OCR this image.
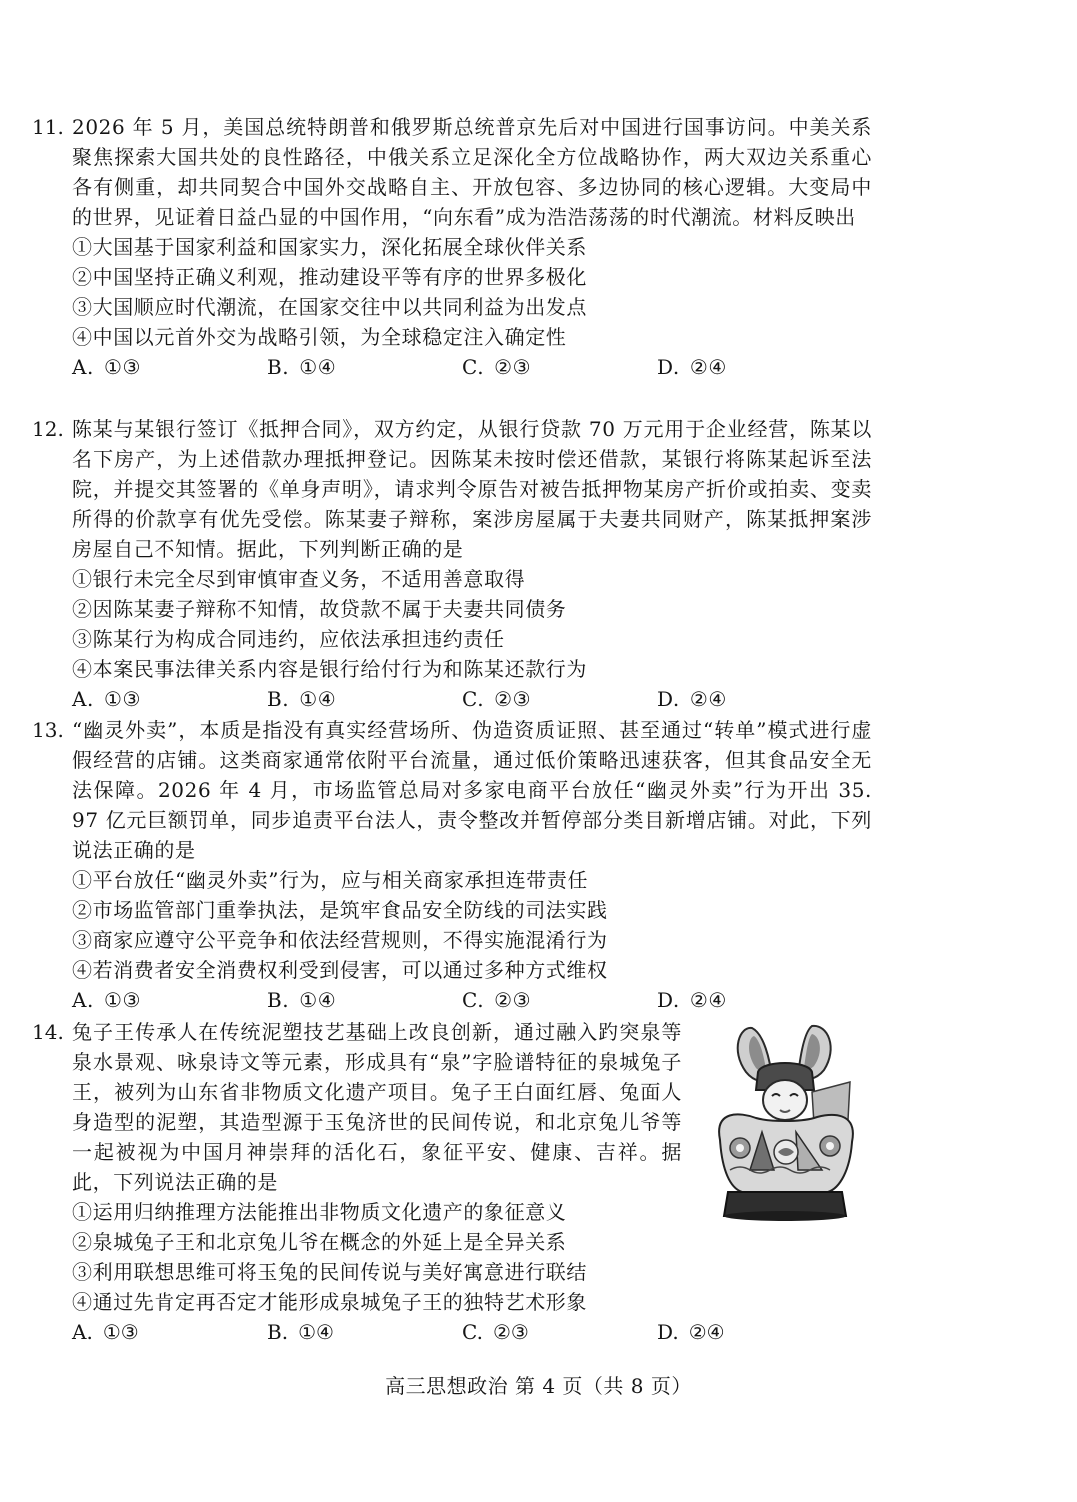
11. 2026 年 5 月，美国总统特朗普和俄罗斯总统普京先后对中国进行国事访问。中美关系聚焦探索大国共处的良性路径，中俄关系立足深化全方位战略协作，两大双边关系重心各有侧重，却共同契合中国外交战略自主、开放包容、多边协同的核心逻辑。大变局中的世界，见证着日益凸显的中国作用，“向东看”成为浩浩荡荡的时代潮流。材料反映出

①大国基于国家利益和国家实力，深化拓展全球伙伴关系

②中国坚持正确义利观，推动建设平等有序的世界多极化

③大国顺应时代潮流，在国家交往中以共同利益为出发点

④中国以元首外交为战略引领，为全球稳定注入确定性

A. ①③	B. ①④	C. ②③	D. ②④
12. 陈某与某银行签订《抵押合同》，双方约定，从银行贷款 70 万元用于企业经营，陈某以名下房产，为上述借款办理抵押登记。因陈某未按时偿还借款，某银行将陈某起诉至法院，并提交其签署的《单身声明》，请求判令原告对被告抵押物某房产折价或拍卖、变卖所得的价款享有优先受偿。陈某妻子辩称，案涉房屋属于夫妻共同财产，陈某抵押案涉房屋自己不知情。据此，下列判断正确的是

①银行未完全尽到审慎审查义务，不适用善意取得

②因陈某妻子辩称不知情，故贷款不属于夫妻共同债务

③陈某行为构成合同违约，应依法承担违约责任

④本案民事法律关系内容是银行给付行为和陈某还款行为

A. ①③	B. ①④	C. ②③	D. ②④
13. “幽灵外卖”，本质是指没有真实经营场所、伪造资质证照、甚至通过“转单”模式进行虚假经营的店铺。这类商家通常依附平台流量，通过低价策略迅速获客，但其食品安全无法保障。2026 年 4 月，市场监管总局对多家电商平台放任“幽灵外卖”行为开出 35. 97 亿元巨额罚单，同步追责平台法人，责令整改并暂停部分类目新增店铺。对此，下列说法正确的是

①平台放任“幽灵外卖”行为，应与相关商家承担连带责任

②市场监管部门重拳执法，是筑牢食品安全防线的司法实践

③商家应遵守公平竞争和依法经营规则，不得实施混淆行为

④若消费者安全消费权利受到侵害，可以通过多种方式维权

A. ①③	B. ①④	C. ②③	D. ②④
14. 兔子王传承人在传统泥塑技艺基础上改良创新，通过融入趵突泉等泉水景观、咏泉诗文等元素，形成具有“泉”字脸谱特征的泉城兔子王，被列为山东省非物质文化遗产项目。兔子王白面红唇、兔面人身造型的泥塑，其造型源于玉兔济世的民间传说，和北京兔儿爷等一起被视为中国月神崇拜的活化石，象征平安、健康、吉祥。据此，下列说法正确的是

①运用归纳推理方法能推出非物质文化遗产的象征意义

②泉城兔子王和北京兔儿爷在概念的外延上是全异关系

③利用联想思维可将玉兔的民间传说与美好寓意进行联结

④通过先肯定再否定才能形成泉城兔子王的独特艺术形象

A. ①③	B. ①④	C. ②③	D. ②④
高三思想政治 第 4 页（共 8 页）
